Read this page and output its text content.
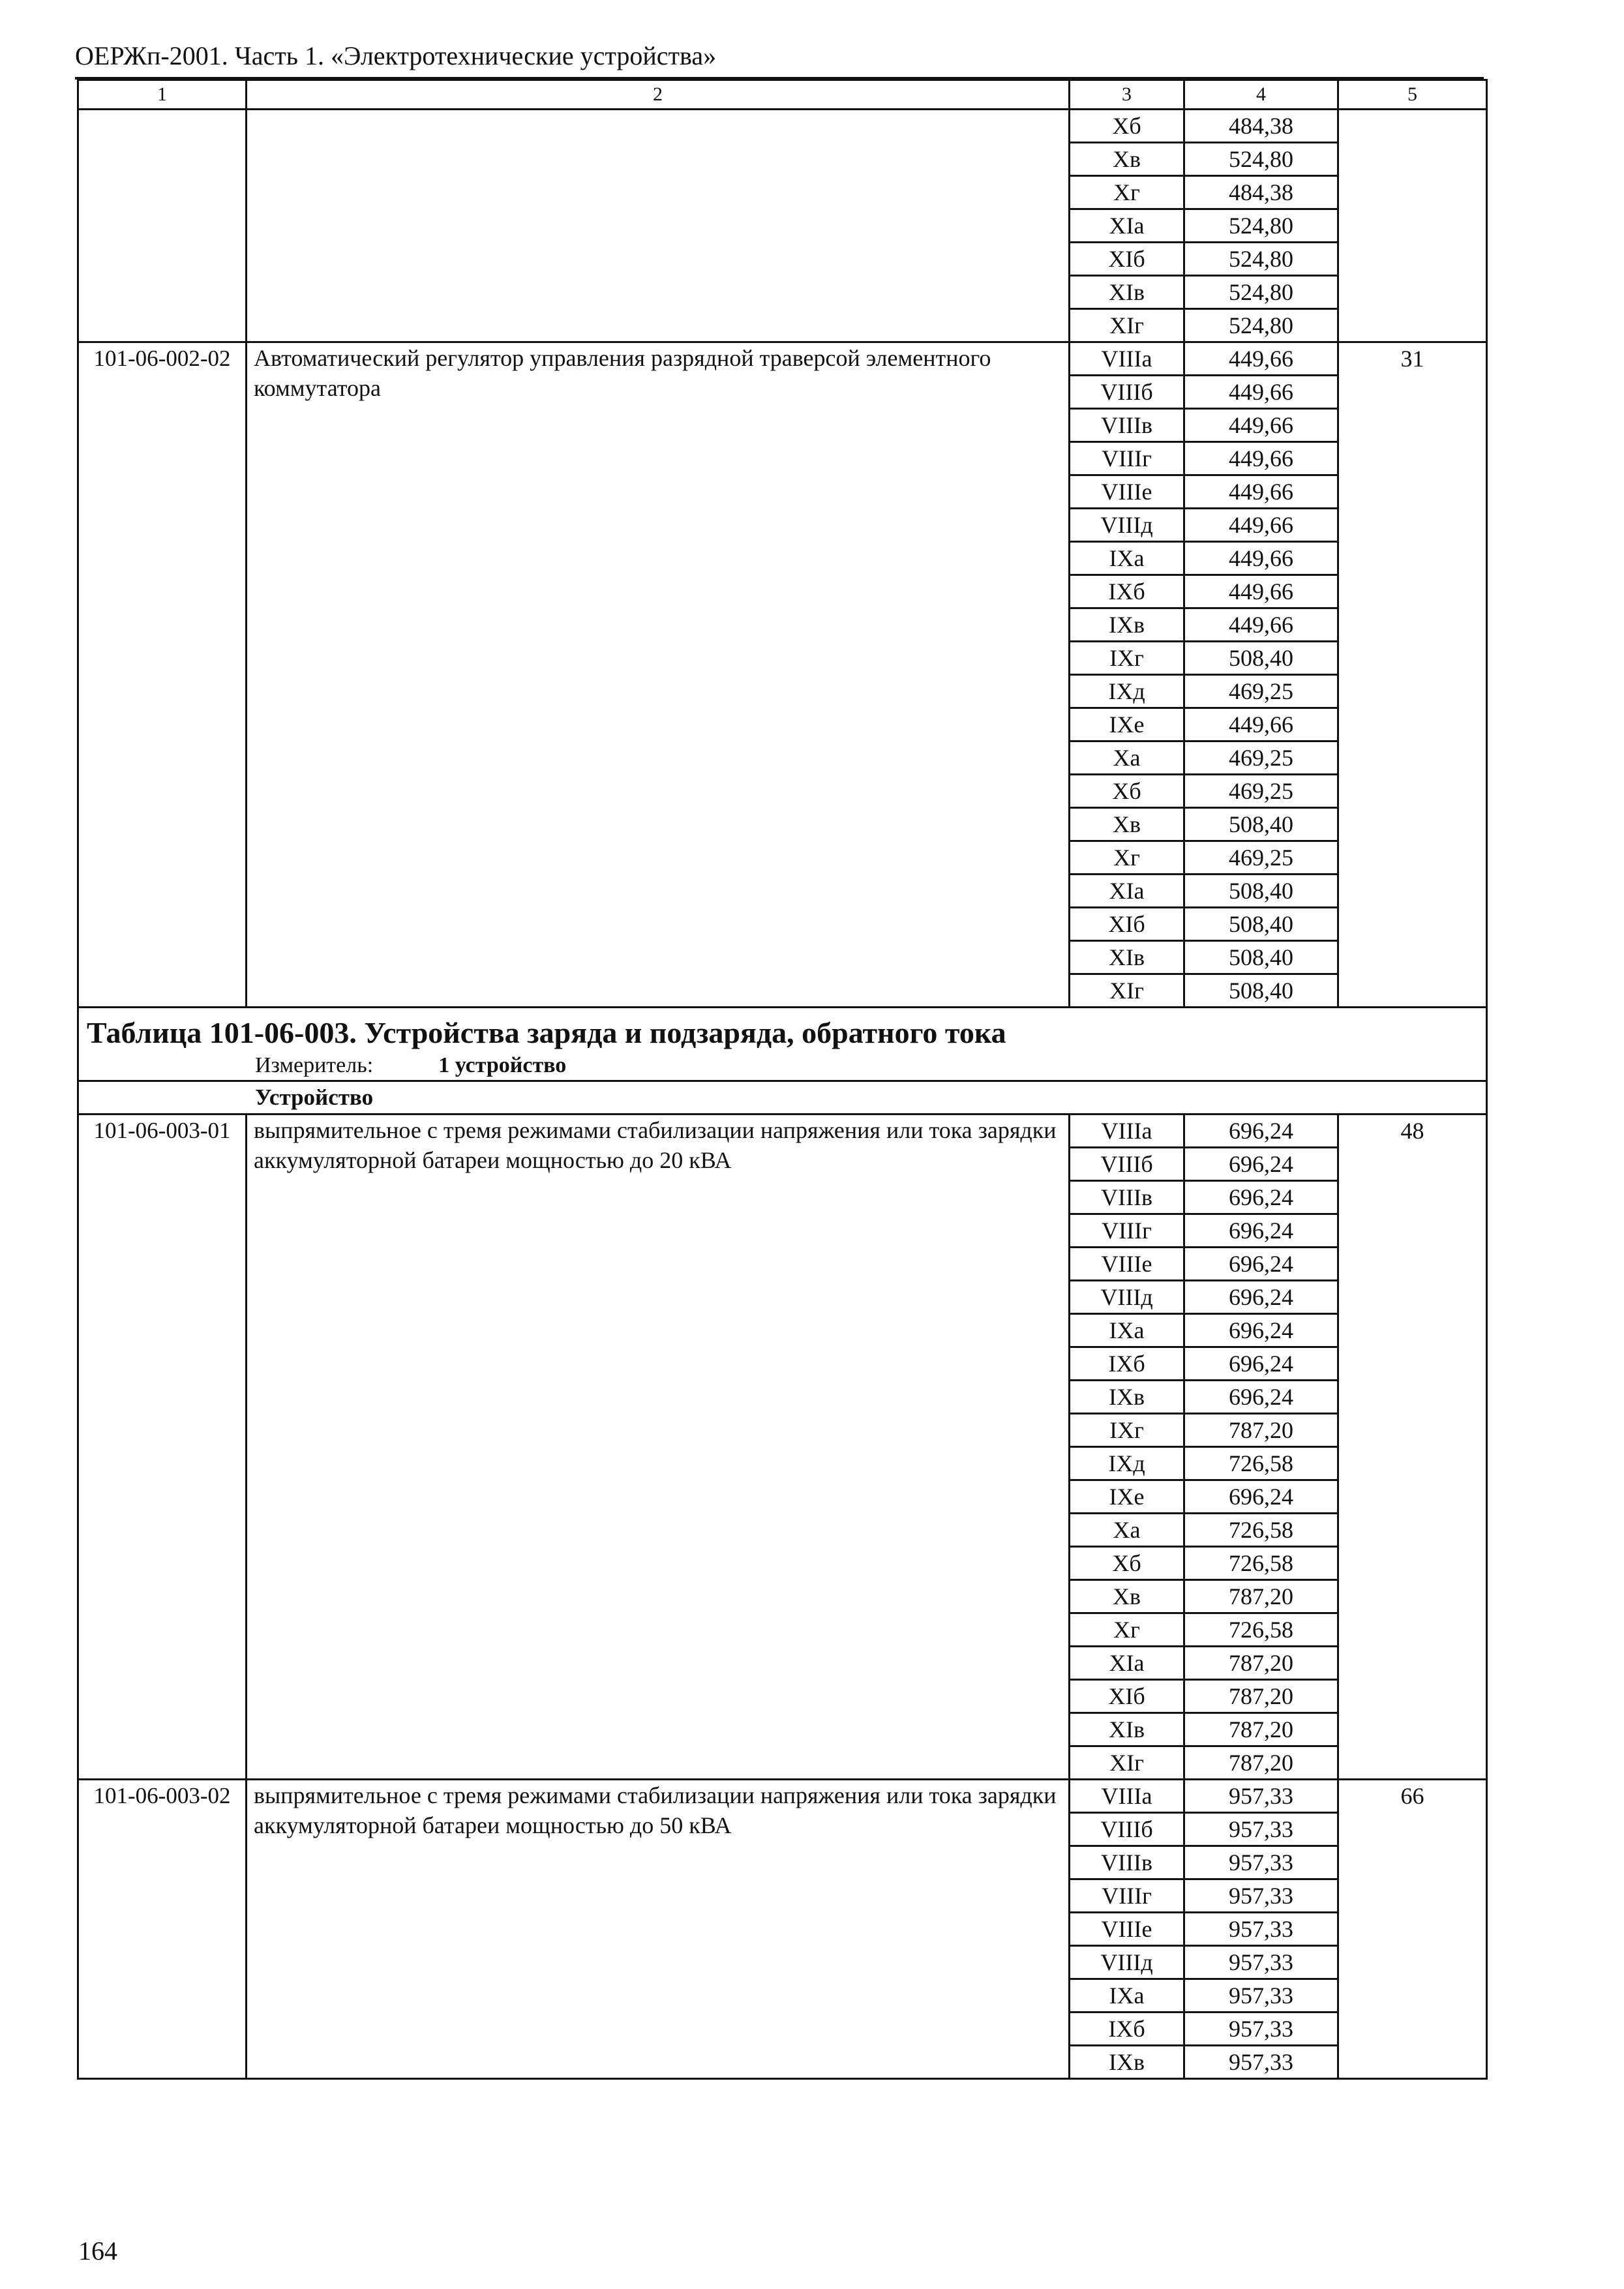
ОЕРЖп-2001. Часть 1. «Электротехнические устройства»
1	2	3	4	5
		Xб	484,38	
		Xв	524,80	
		Xг	484,38	
		XIа	524,80	
		XIб	524,80	
		XIв	524,80	
		XIг	524,80	
101-06-002-02	Автоматический регулятор управления разрядной траверсой элементного коммутатора	VIIIа	449,66	31
		VIIIб	449,66	
		VIIIв	449,66	
		VIIIг	449,66	
		VIIIе	449,66	
		VIIIд	449,66	
		IXа	449,66	
		IXб	449,66	
		IXв	449,66	
		IXг	508,40	
		IXд	469,25	
		IXе	449,66	
		Xа	469,25	
		Xб	469,25	
		Xв	508,40	
		Xг	469,25	
		XIа	508,40	
		XIб	508,40	
		XIв	508,40	
		XIг	508,40	

Таблица 101-06-003. Устройства заряда и подзаряда, обратного тока
Измеритель: 1 устройство				

Устройство				
101-06-003-01	выпрямительное с тремя режимами стабилизации напряжения или тока зарядки аккумуляторной батареи мощностью до 20 кВА	VIIIа	696,24	48
		VIIIб	696,24	
		VIIIв	696,24	
		VIIIг	696,24	
		VIIIе	696,24	
		VIIIд	696,24	
		IXа	696,24	
		IXб	696,24	
		IXв	696,24	
		IXг	787,20	
		IXд	726,58	
		IXе	696,24	
		Xа	726,58	
		Xб	726,58	
		Xв	787,20	
		Xг	726,58	
		XIа	787,20	
		XIб	787,20	
		XIв	787,20	
		XIг	787,20	
101-06-003-02	выпрямительное с тремя режимами стабилизации напряжения или тока зарядки аккумуляторной батареи мощностью до 50 кВА	VIIIа	957,33	66
		VIIIб	957,33	
		VIIIв	957,33	
		VIIIг	957,33	
		VIIIе	957,33	
		VIIIд	957,33	
		IXа	957,33	
		IXб	957,33	
		IXв	957,33	
164
